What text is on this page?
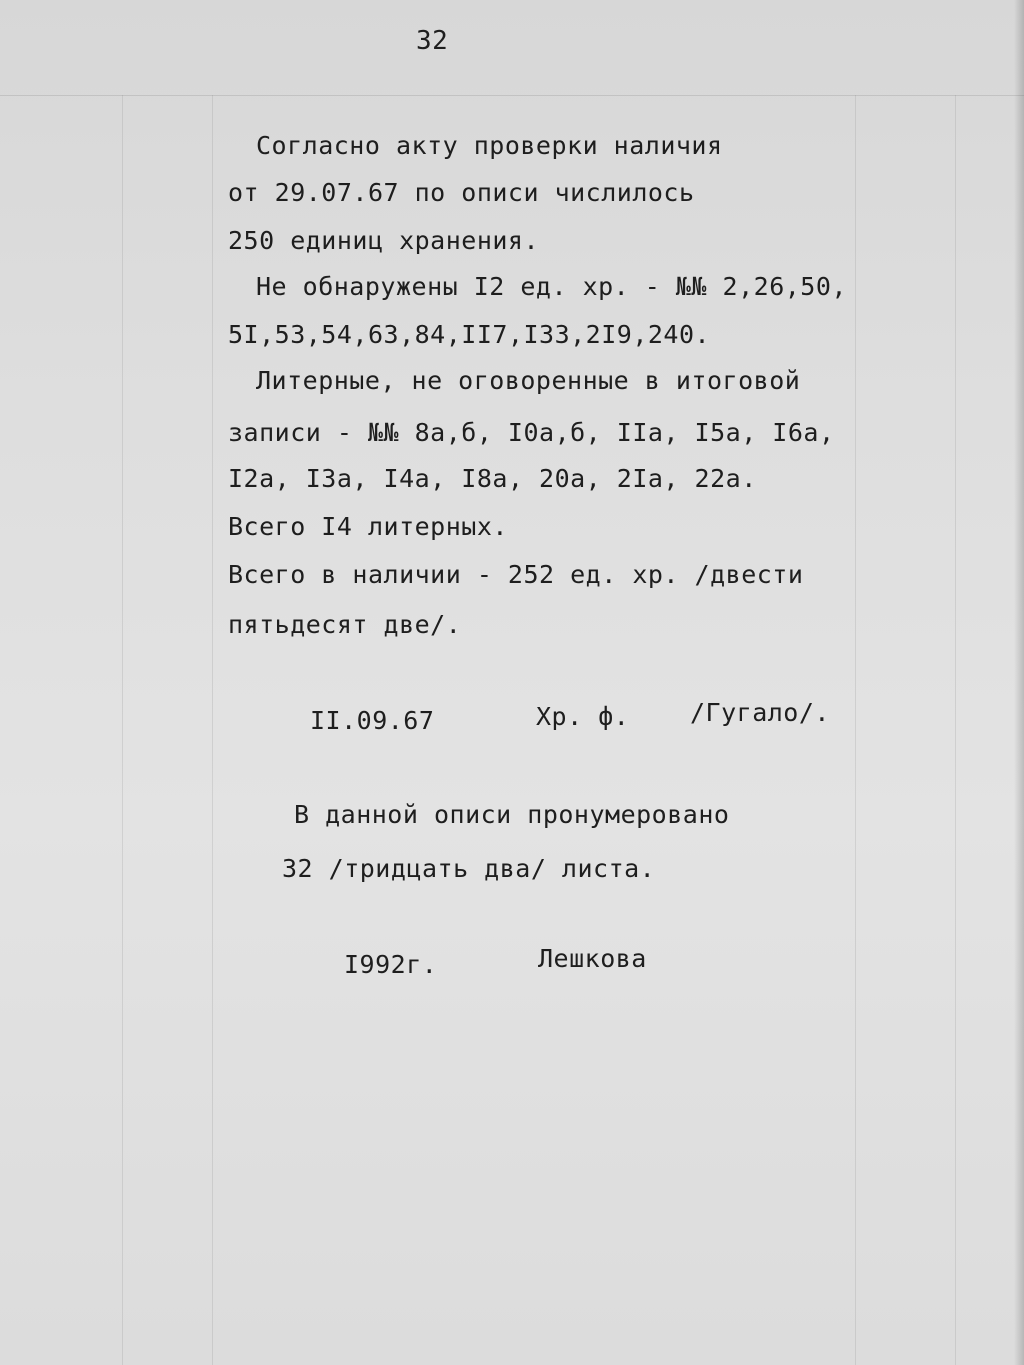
32

Согласно акту проверки наличия

от 29.07.67 по описи числилось

250 единиц хранения.

Не обнаружены I2 ед. хр. - №№ 2,26,50,

5I,53,54,63,84,II7,I33,2I9,240.

Литерные, не оговоренные в итоговой

записи - №№ 8а,б, I0а,б, IIа, I5а, I6а,

I2а, I3а, I4а, I8а, 20а, 2Iа, 22а.

Всего I4 литерных.

Всего в наличии - 252 ед. хр. /двести

пятьдесят две/.

II.09.67	Хр. ф. /Гугало/.

В данной описи пронумеровано

32 /тридцать два/ листа.

I992г.	Лешкова
